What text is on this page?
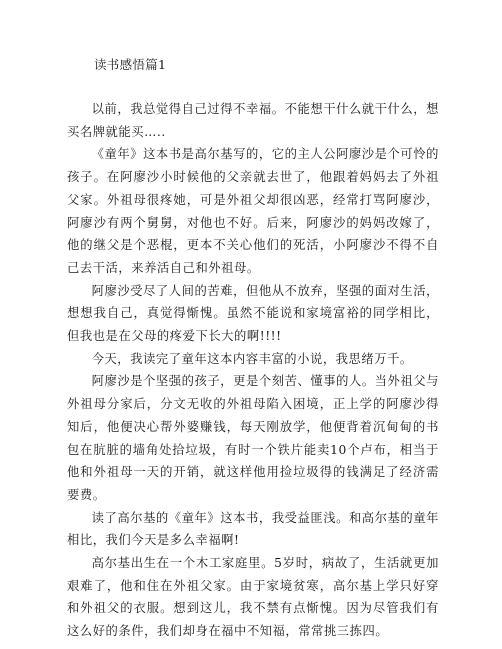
读书感悟篇1

以前，我总觉得自己过得不幸福。不能想干什么就干什么，想买名牌就能买…..

《童年》这本书是高尔基写的，它的主人公阿廖沙是个可怜的孩子。在阿廖沙小时候他的父亲就去世了，他跟着妈妈去了外祖父家。外祖母很疼她，可是外祖父却很凶恶，经常打骂阿廖沙，阿廖沙有两个舅舅，对他也不好。后来，阿廖沙的妈妈改嫁了，他的继父是个恶棍，更本不关心他们的死活，小阿廖沙不得不自己去干活，来养活自己和外祖母。

阿廖沙受尽了人间的苦难，但他从不放弃，坚强的面对生活，想想我自己，真觉得惭愧。虽然不能说和家境富裕的同学相比，但我也是在父母的疼爱下长大的啊!!!!

今天，我读完了童年这本内容丰富的小说，我思绪万千。

阿廖沙是个坚强的孩子，更是个刻苦、懂事的人。当外祖父与外祖母分家后，分文无收的外祖母陷入困境，正上学的阿廖沙得知后，他便决心帮外婆赚钱，每天刚放学，他便背着沉甸甸的书包在肮脏的墙角处拾垃圾，有时一个铁片能卖10个卢布，相当于他和外祖母一天的开销，就这样他用捡垃圾得的钱满足了经济需要费。

读了高尔基的《童年》这本书，我受益匪浅。和高尔基的童年相比，我们今天是多么幸福啊!

高尔基出生在一个木工家庭里。5岁时，病故了，生活就更加艰难了，他和住在外祖父家。由于家境贫寒，高尔基上学只好穿和外祖父的衣服。想到这儿，我不禁有点惭愧。因为尽管我们有这么好的条件，我们却身在福中不知福，常常挑三拣四。
